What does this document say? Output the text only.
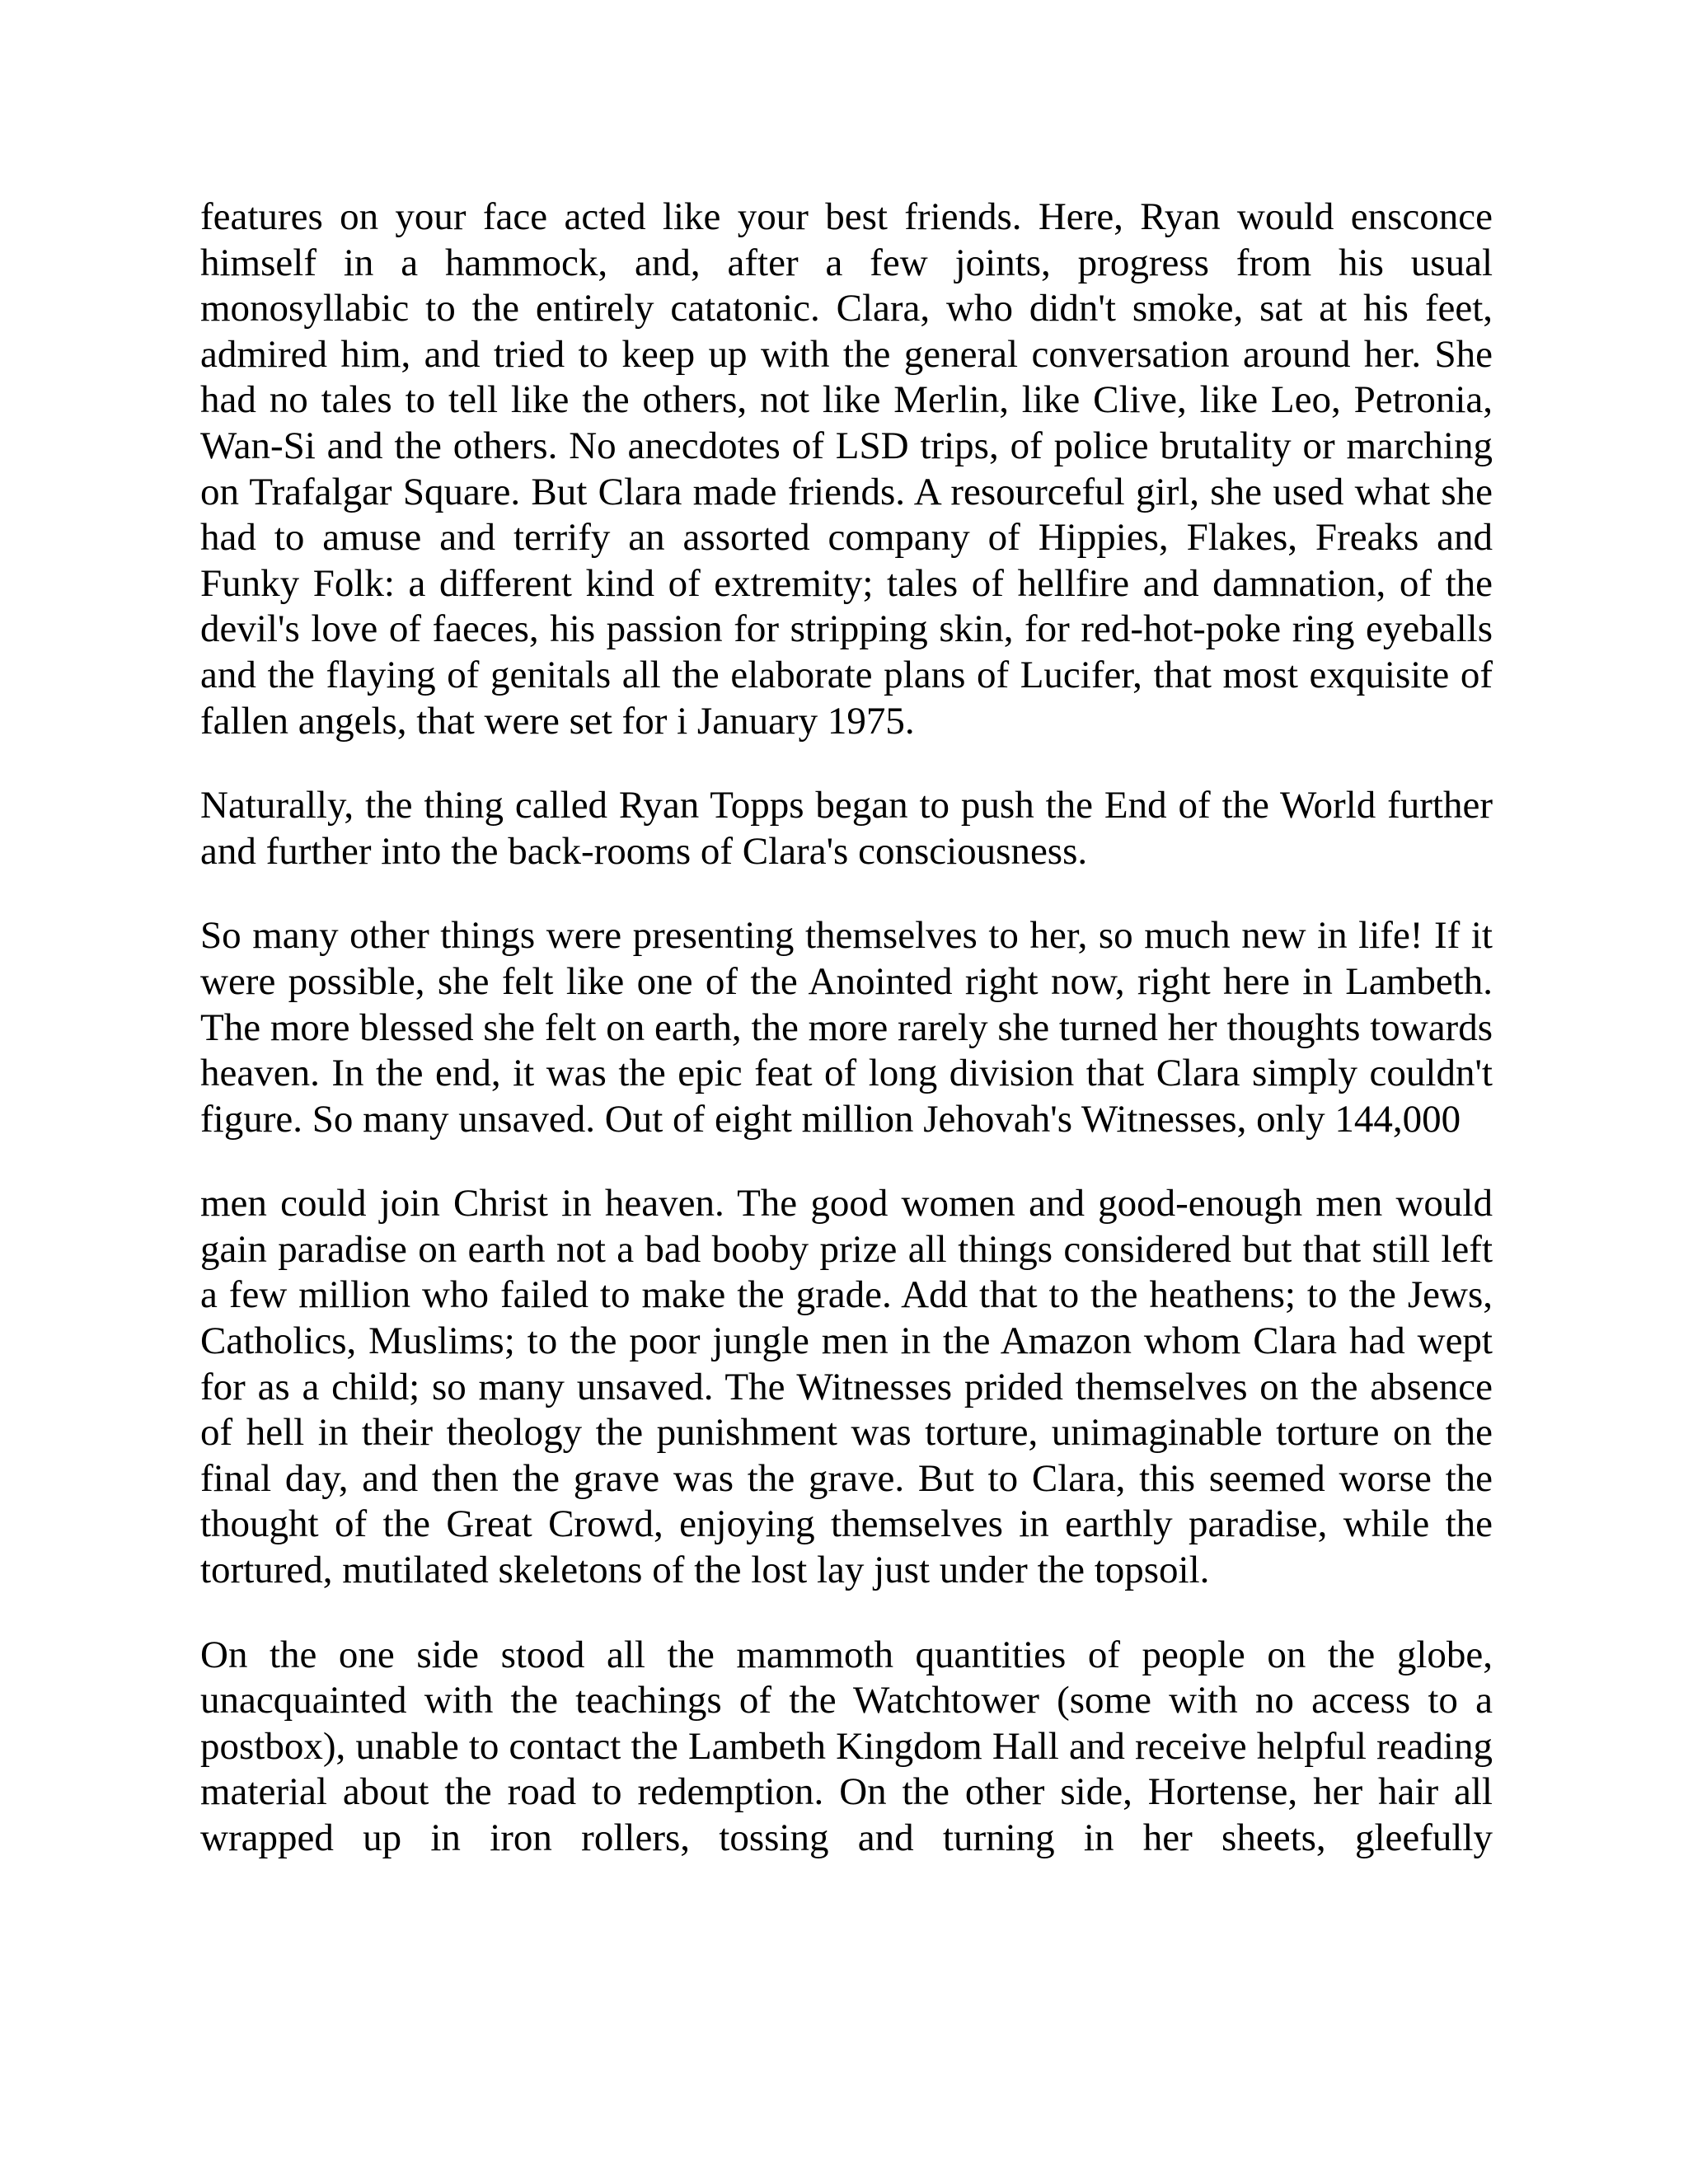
features on your face acted like your best friends. Here, Ryan would ensconce himself in a hammock, and, after a few joints, progress from his usual monosyllabic to the entirely catatonic. Clara, who didn't smoke, sat at his feet, admired him, and tried to keep up with the general conversation around her. She had no tales to tell like the others, not like Merlin, like Clive, like Leo, Petronia, Wan-Si and the others. No anecdotes of LSD trips, of police brutality or marching on Trafalgar Square. But Clara made friends. A resourceful girl, she used what she had to amuse and terrify an assorted company of Hippies, Flakes, Freaks and Funky Folk: a different kind of extremity; tales of hellfire and damnation, of the devil's love of faeces, his passion for stripping skin, for red-hot-poke ring eyeballs and the flaying of genitals all the elaborate plans of Lucifer, that most exquisite of fallen angels, that were set for i January 1975.

Naturally, the thing called Ryan Topps began to push the End of the World further and further into the back-rooms of Clara's consciousness.

So many other things were presenting themselves to her, so much new in life! If it were possible, she felt like one of the Anointed right now, right here in Lambeth. The more blessed she felt on earth, the more rarely she turned her thoughts towards heaven. In the end, it was the epic feat of long division that Clara simply couldn't figure. So many unsaved. Out of eight million Jehovah's Witnesses, only 144,000

men could join Christ in heaven. The good women and good-enough men would gain paradise on earth not a bad booby prize all things considered but that still left a few million who failed to make the grade. Add that to the heathens; to the Jews, Catholics, Muslims; to the poor jungle men in the Amazon whom Clara had wept for as a child; so many unsaved. The Witnesses prided themselves on the absence of hell in their theology the punishment was torture, unimaginable torture on the final day, and then the grave was the grave. But to Clara, this seemed worse the thought of the Great Crowd, enjoying themselves in earthly paradise, while the tortured, mutilated skeletons of the lost lay just under the topsoil.

On the one side stood all the mammoth quantities of people on the globe, unacquainted with the teachings of the Watchtower (some with no access to a postbox), unable to contact the Lambeth Kingdom Hall and receive helpful reading material about the road to redemption. On the other side, Hortense, her hair all wrapped up in iron rollers, tossing and turning in her sheets, gleefully
